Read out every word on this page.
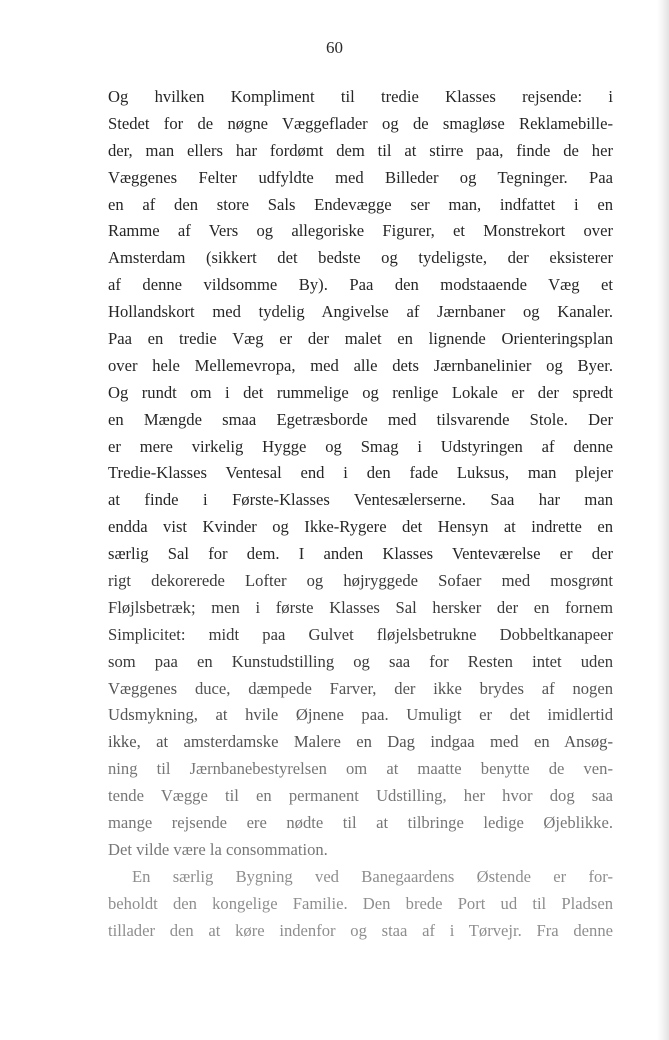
60
Og hvilken Kompliment til tredie Klasses rejsende: i
Stedet for de nøgne Væggeflader og de smagløse Reklamebille-
der, man ellers har fordømt dem til at stirre paa, finde de her
Væggenes Felter udfyldte med Billeder og Tegninger. Paa
en af den store Sals Endevægge ser man, indfattet i en
Ramme af Vers og allegoriske Figurer, et Monstrekort over
Amsterdam (sikkert det bedste og tydeligste, der eksisterer
af denne vildsomme By). Paa den modstaaende Væg et
Hollandskort med tydelig Angivelse af Jærnbaner og Kanaler.
Paa en tredie Væg er der malet en lignende Orienteringsplan
over hele Mellemevropa, med alle dets Jærnbanelinier og Byer.
Og rundt om i det rummelige og renlige Lokale er der spredt
en Mængde smaa Egetræsborde med tilsvarende Stole. Der
er mere virkelig Hygge og Smag i Udstyringen af denne
Tredie-Klasses Ventesal end i den fade Luksus, man plejer
at finde i Første-Klasses Ventesælerserne. Saa har man
endda vist Kvinder og Ikke-Rygere det Hensyn at indrette en
særlig Sal for dem. I anden Klasses Venteværelse er der
rigt dekorerede Lofter og højryggede Sofaer med mosgrønt
Fløjlsbetræk; men i første Klasses Sal hersker der en fornem
Simplicitet: midt paa Gulvet fløjelsbetrukne Dobbeltkanapeer
som paa en Kunstudstilling og saa for Resten intet uden
Væggenes duce, dæmpede Farver, der ikke brydes af nogen
Udsmykning, at hvile Øjnene paa. Umuligt er det imidlertid
ikke, at amsterdamske Malere en Dag indgaa med en Ansøg-
ning til Jærnbanebestyrelsen om at maatte benytte de ven-
tende Vægge til en permanent Udstilling, her hvor dog saa
mange rejsende ere nødte til at tilbringe ledige Øjeblikke.
Det vilde være la consommation.
En særlig Bygning ved Banegaardens Østende er for-
beholdt den kongelige Familie. Den brede Port ud til Pladsen
tillader den at køre indenfor og staa af i Tørvejr. Fra denne
